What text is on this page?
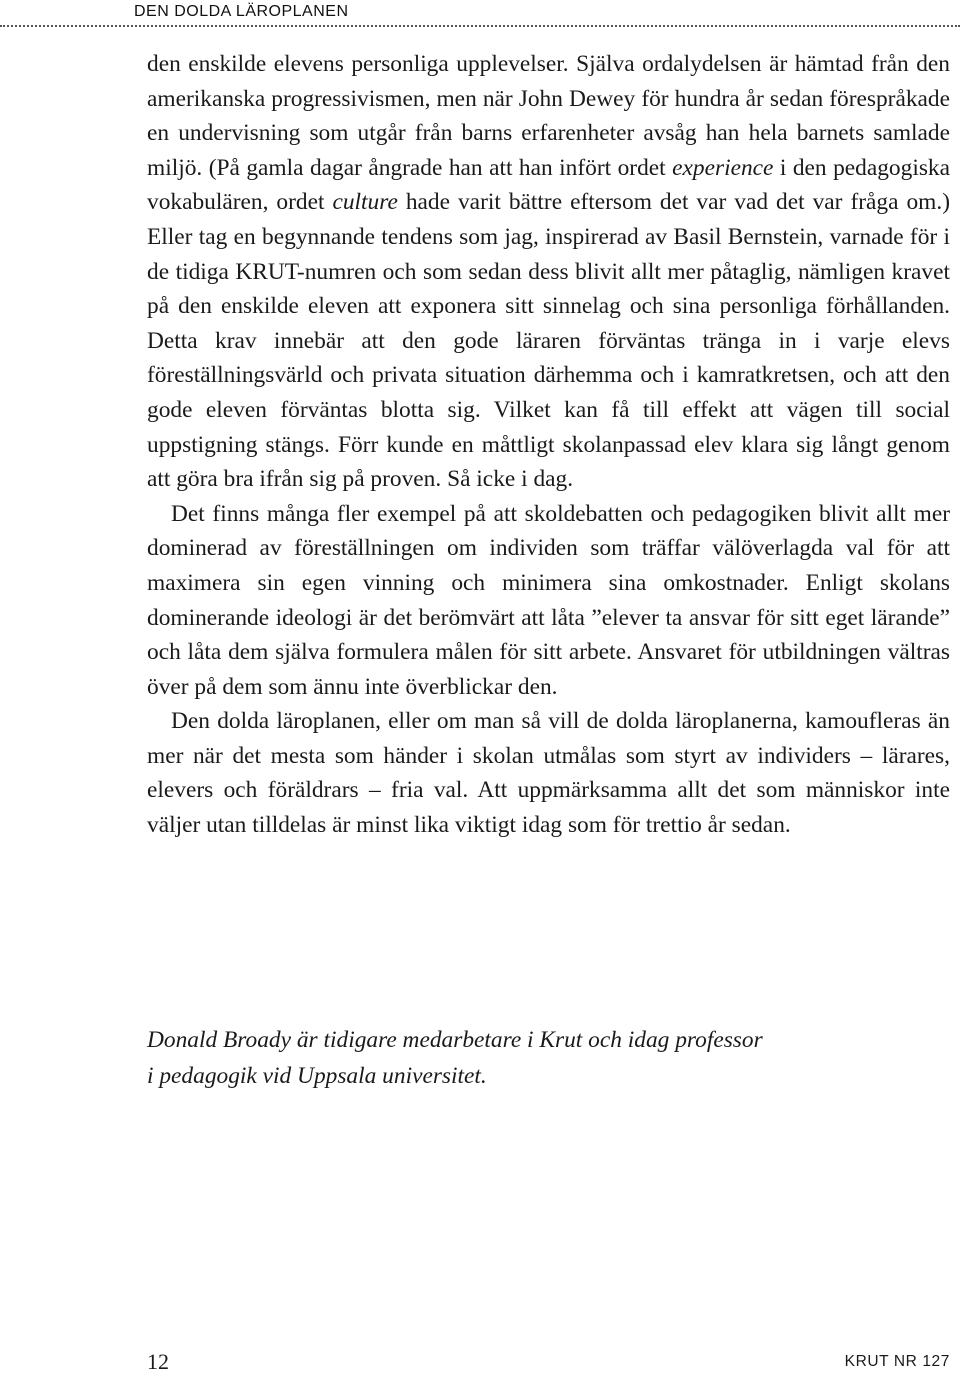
DEN DOLDA LÄROPLANEN

den enskilde elevens personliga upplevelser. Själva ordalydelsen är hämtad från den amerikanska progressivismen, men när John Dewey för hundra år sedan förespråkade en undervisning som utgår från barns erfarenheter avsåg han hela barnets samlade miljö. (På gamla dagar ångrade han att han infört ordet experience i den pedagogiska vokabulären, ordet culture hade varit bättre eftersom det var vad det var fråga om.) Eller tag en begynnande tendens som jag, inspirerad av Basil Bernstein, varnade för i de tidiga KRUT-numren och som sedan dess blivit allt mer påtaglig, nämligen kravet på den enskilde eleven att exponera sitt sinnelag och sina personliga förhållanden. Detta krav innebär att den gode läraren förväntas tränga in i varje elevs föreställningsvärld och privata situation därhemma och i kamratkretsen, och att den gode eleven förväntas blotta sig. Vilket kan få till effekt att vägen till social uppstigning stängs. Förr kunde en måttligt skolanpassad elev klara sig långt genom att göra bra ifrån sig på proven. Så icke i dag.

Det finns många fler exempel på att skoldebatten och pedagogiken blivit allt mer dominerad av föreställningen om individen som träffar välöverlagda val för att maximera sin egen vinning och minimera sina omkostnader. Enligt skolans dominerande ideologi är det berömvärt att låta ”elever ta ansvar för sitt eget lärande” och låta dem själva formulera målen för sitt arbete. Ansvaret för utbildningen vältras över på dem som ännu inte överblickar den.

Den dolda läroplanen, eller om man så vill de dolda läroplanerna, kamoufleras än mer när det mesta som händer i skolan utmålas som styrt av individers – lärares, elevers och föräldrars – fria val. Att uppmärksamma allt det som människor inte väljer utan tilldelas är minst lika viktigt idag som för trettio år sedan.

Donald Broady är tidigare medarbetare i Krut och idag professor
i pedagogik vid Uppsala universitet.
12	KRUT NR 127
